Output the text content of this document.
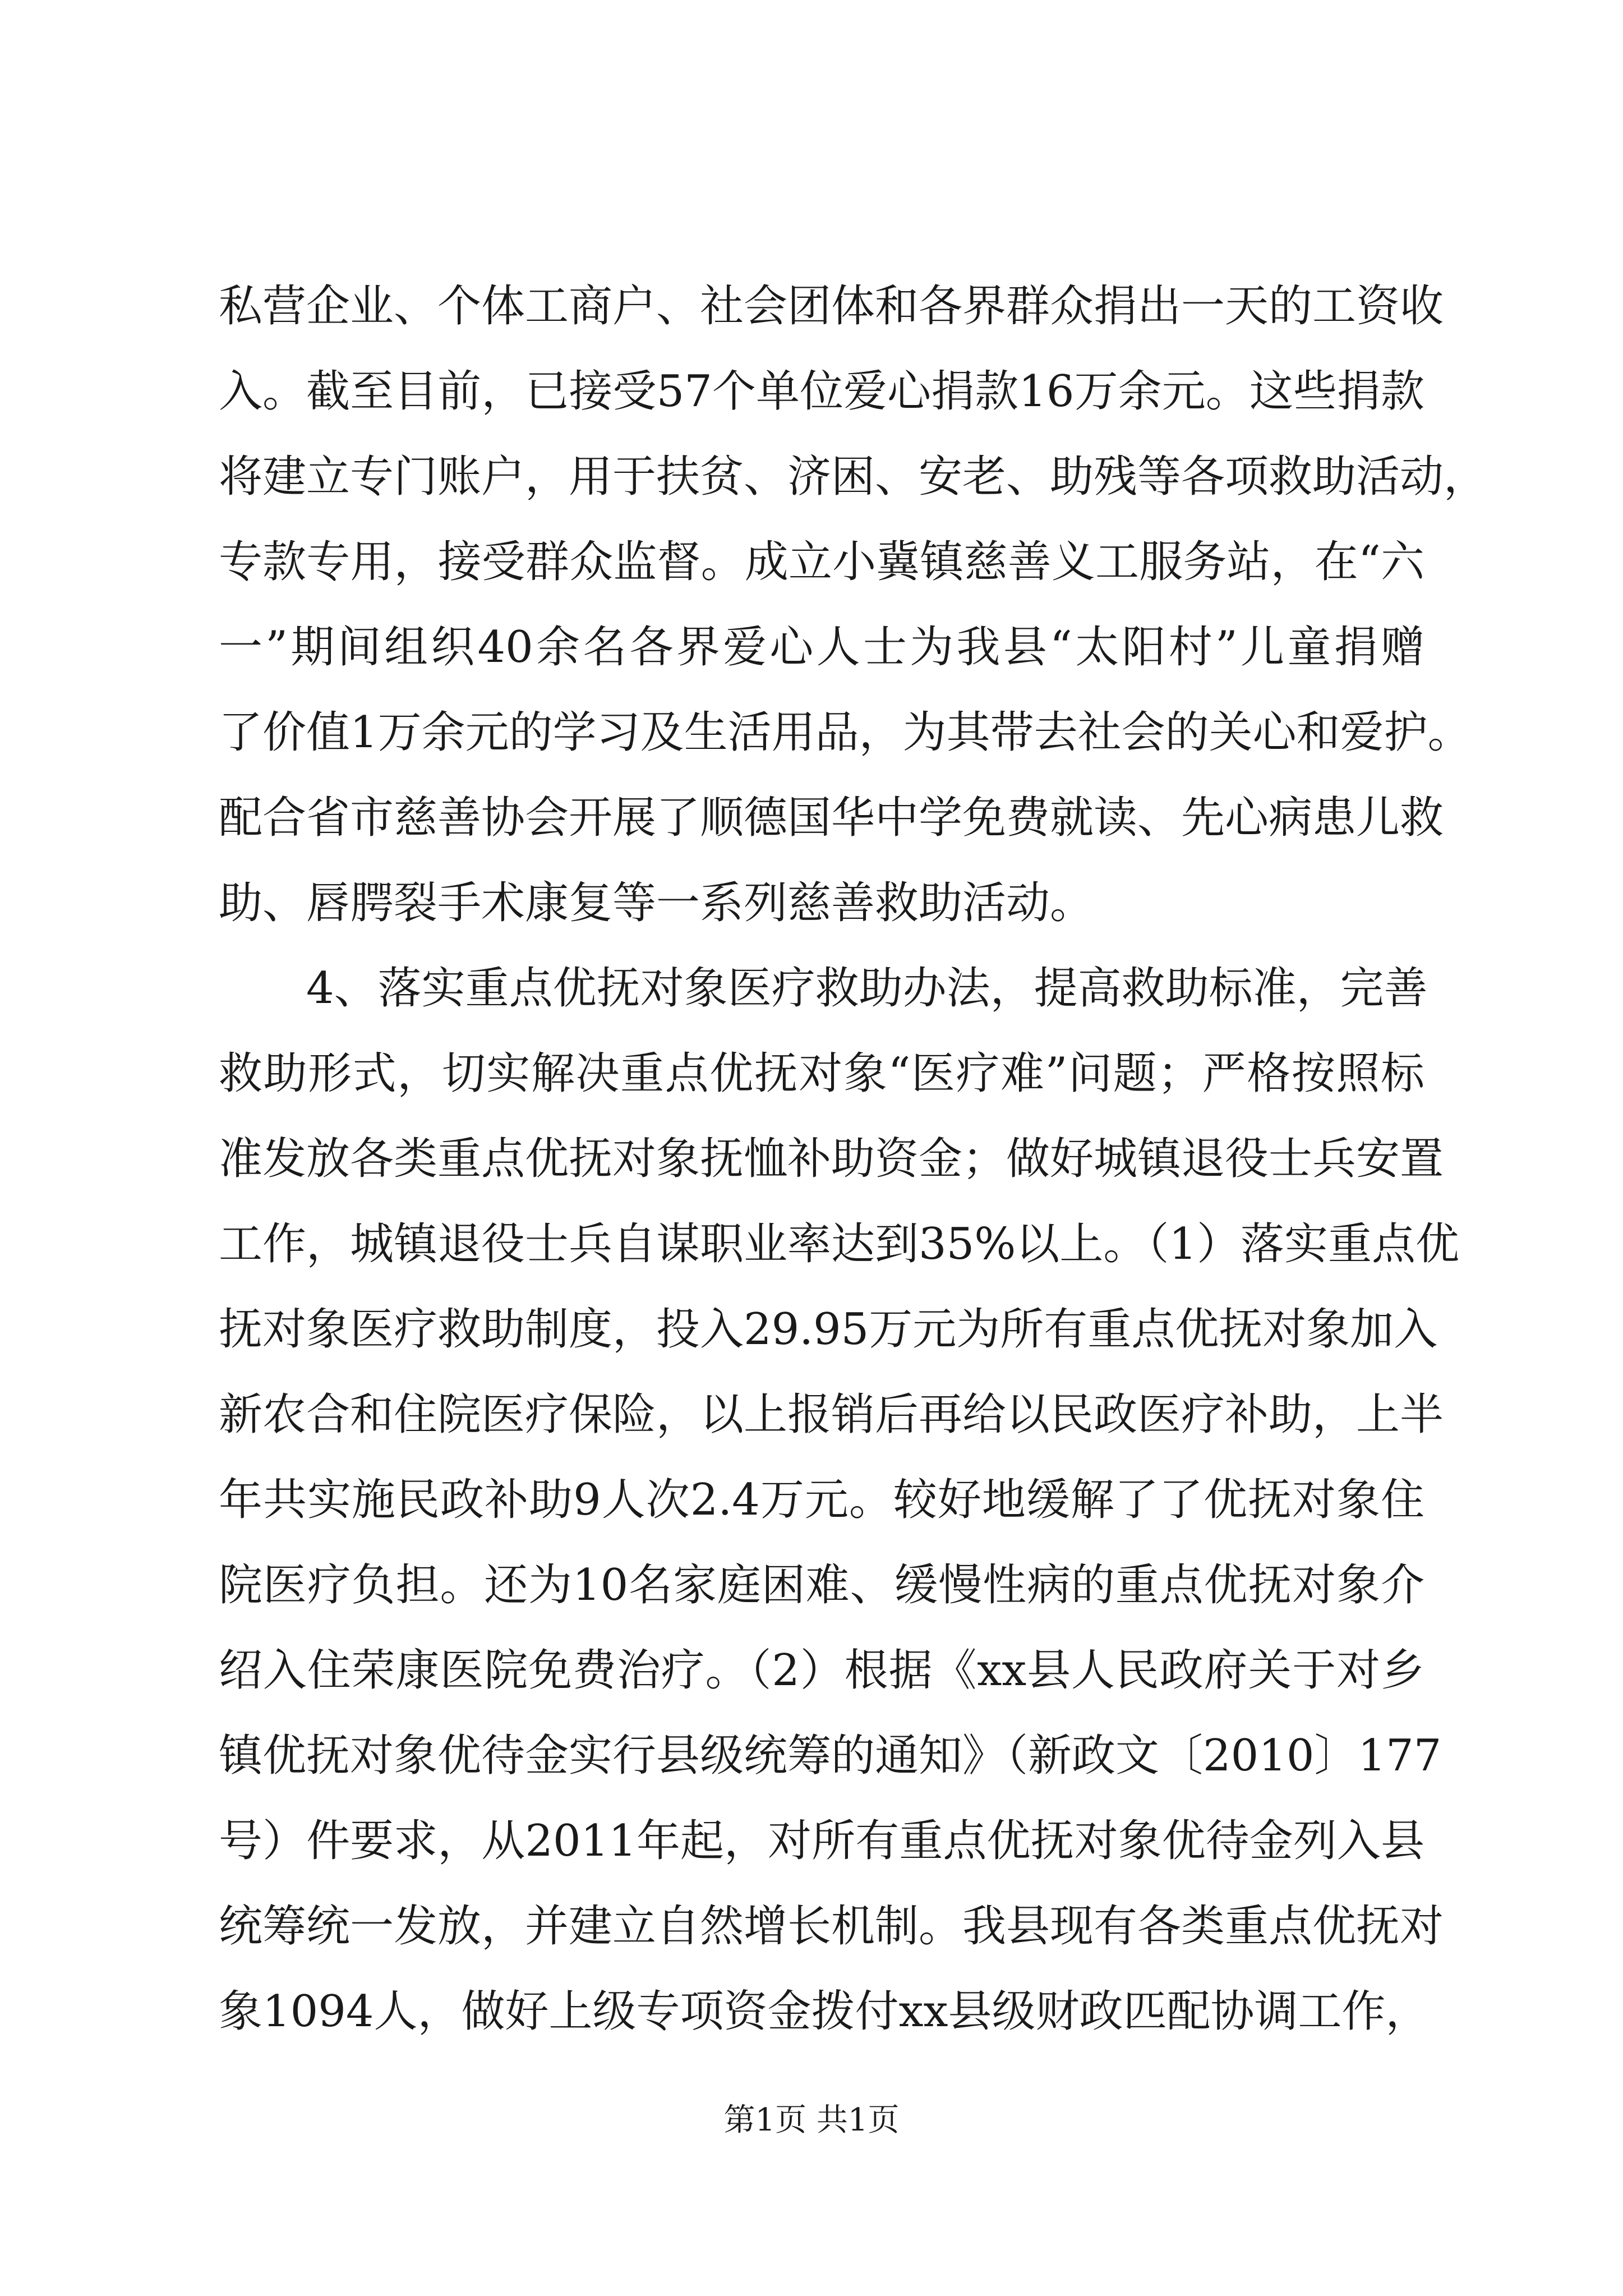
私营企业、个体工商户、社会团体和各界群众捐出一天的工资收
入。截至目前，已接受57个单位爱心捐款16万余元。这些捐款
将建立专门账户，用于扶贫、济困、安老、助残等各项救助活动，
专款专用，接受群众监督。成立小冀镇慈善义工服务站，在“六
一”期间组织40余名各界爱心人士为我县“太阳村”儿童捐赠
了价值1万余元的学习及生活用品，为其带去社会的关心和爱护。
配合省市慈善协会开展了顺德国华中学免费就读、先心病患儿救
助、唇腭裂手术康复等一系列慈善救助活动。
4、落实重点优抚对象医疗救助办法，提高救助标准，完善
救助形式，切实解决重点优抚对象“医疗难”问题；严格按照标
准发放各类重点优抚对象抚恤补助资金；做好城镇退役士兵安置
工作，城镇退役士兵自谋职业率达到35%以上。（1）落实重点优
抚对象医疗救助制度，投入29.95万元为所有重点优抚对象加入
新农合和住院医疗保险，以上报销后再给以民政医疗补助，上半
年共实施民政补助9人次2.4万元。较好地缓解了了优抚对象住
院医疗负担。还为10名家庭困难、缓慢性病的重点优抚对象介
绍入住荣康医院免费治疗。（2）根据《xx县人民政府关于对乡
镇优抚对象优待金实行县级统筹的通知》（新政文〔2010〕177
号）件要求，从2011年起，对所有重点优抚对象优待金列入县
统筹统一发放，并建立自然增长机制。我县现有各类重点优抚对
象1094人，做好上级专项资金拨付xx县级财政匹配协调工作，
第1页 共1页
